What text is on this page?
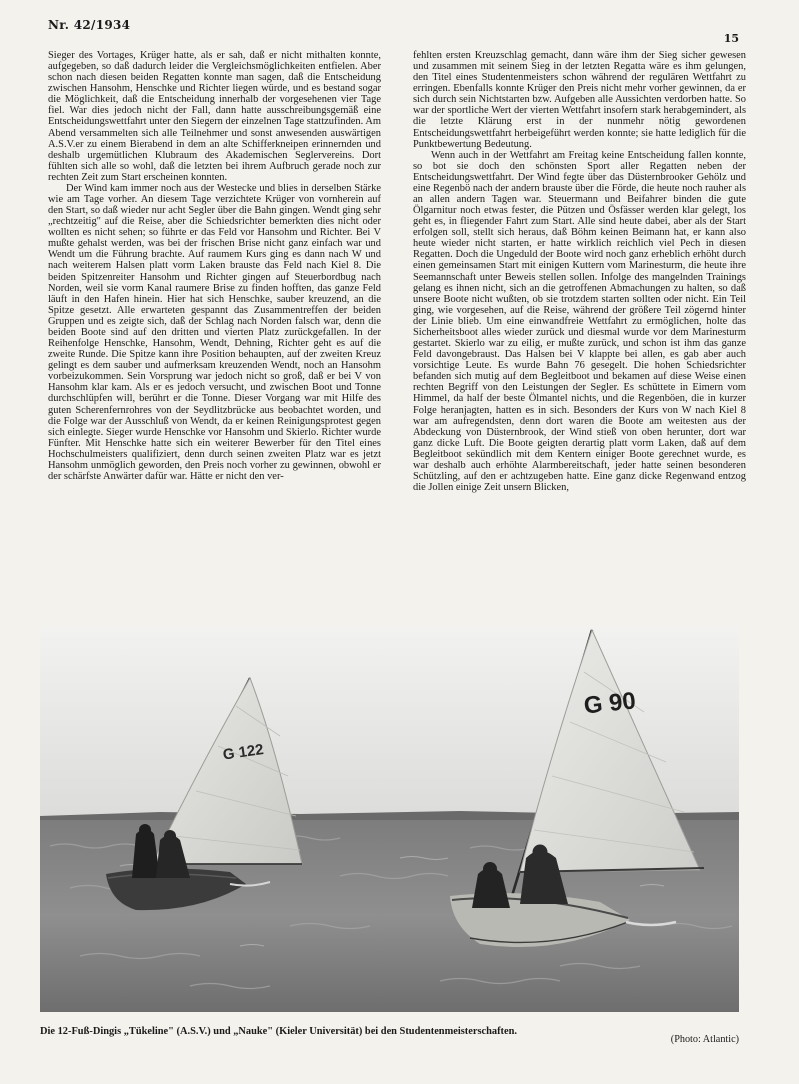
Nr. 42/1934
15

Sieger des Vortages, Krüger hatte, als er sah, daß er nicht mithalten konnte, aufgegeben, so daß dadurch leider die Vergleichsmöglichkeiten entfielen. Aber schon nach diesen beiden Regatten konnte man sagen, daß die Entscheidung zwischen Hansohm, Henschke und Richter liegen würde, und es bestand sogar die Möglichkeit, daß die Entscheidung innerhalb der vorgesehenen vier Tage fiel. War dies jedoch nicht der Fall, dann hatte ausschreibungsgemäß eine Entscheidungswettfahrt unter den Siegern der einzelnen Tage stattzufinden. Am Abend versammelten sich alle Teilnehmer und sonst anwesenden auswärtigen A.S.V.er zu einem Bierabend in dem an alte Schifferkneipen erinnernden und deshalb urgemütlichen Klubraum des Akademischen Seglervereins. Dort fühlten sich alle so wohl, daß die letzten bei ihrem Aufbruch gerade noch zur rechten Zeit zum Start erscheinen konnten.

Der Wind kam immer noch aus der Westecke und blies in derselben Stärke wie am Tage vorher. An diesem Tage verzichtete Krüger von vornherein auf den Start, so daß wieder nur acht Segler über die Bahn gingen. Wendt ging sehr „rechtzeitig" auf die Reise, aber die Schiedsrichter bemerkten dies nicht oder wollten es nicht sehen; so führte er das Feld vor Hansohm und Richter. Bei V mußte gehalst werden, was bei der frischen Brise nicht ganz einfach war und Wendt um die Führung brachte. Auf raumem Kurs ging es dann nach W und nach weiterem Halsen platt vorm Laken brauste das Feld nach Kiel 8. Die beiden Spitzenreiter Hansohm und Richter gingen auf Steuerbordbug nach Norden, weil sie vorm Kanal raumere Brise zu finden hofften, das ganze Feld läuft in den Hafen hinein. Hier hat sich Henschke, sauber kreuzend, an die Spitze gesetzt. Alle erwarteten gespannt das Zusammentreffen der beiden Gruppen und es zeigte sich, daß der Schlag nach Norden falsch war, denn die beiden Boote sind auf den dritten und vierten Platz zurückgefallen. In der Reihenfolge Henschke, Hansohm, Wendt, Dehning, Richter geht es auf die zweite Runde. Die Spitze kann ihre Position behaupten, auf der zweiten Kreuz gelingt es dem sauber und aufmerksam kreuzenden Wendt, noch an Hansohm vorbeizukommen. Sein Vorsprung war jedoch nicht so groß, daß er bei V von Hansohm klar kam. Als er es jedoch versucht, und zwischen Boot und Tonne durchschlüpfen will, berührt er die Tonne. Dieser Vorgang war mit Hilfe des guten Scherenfernrohres von der Seydlitzbrücke aus beobachtet worden, und die Folge war der Ausschluß von Wendt, da er keinen Reinigungsprotest gegen sich einlegte. Sieger wurde Henschke vor Hansohm und Skierlo. Richter wurde Fünfter. Mit Henschke hatte sich ein weiterer Bewerber für den Titel eines Hochschulmeisters qualifiziert, denn durch seinen zweiten Platz war es jetzt Hansohm unmöglich geworden, den Preis noch vorher zu gewinnen, obwohl er der schärfste Anwärter dafür war. Hätte er nicht den ver-

fehlten ersten Kreuzschlag gemacht, dann wäre ihm der Sieg sicher gewesen und zusammen mit seinem Sieg in der letzten Regatta wäre es ihm gelungen, den Titel eines Studentenmeisters schon während der regulären Wettfahrt zu erringen. Ebenfalls konnte Krüger den Preis nicht mehr vorher gewinnen, da er sich durch sein Nichtstarten bzw. Aufgeben alle Aussichten verdorben hatte. So war der sportliche Wert der vierten Wettfahrt insofern stark herabgemindert, als die letzte Klärung erst in der nunmehr nötig gewordenen Entscheidungswettfahrt herbeigeführt werden konnte; sie hatte lediglich für die Punktbewertung Bedeutung.

Wenn auch in der Wettfahrt am Freitag keine Entscheidung fallen konnte, so bot sie doch den schönsten Sport aller Regatten neben der Entscheidungswettfahrt. Der Wind fegte über das Düsternbrooker Gehölz und eine Regenbö nach der andern brauste über die Förde, die heute noch rauher als an allen andern Tagen war. Steuermann und Beifahrer binden die gute Ölgarnitur noch etwas fester, die Pützen und Ösfässer werden klar gelegt, los geht es, in fliegender Fahrt zum Start. Alle sind heute dabei, aber als der Start erfolgen soll, stellt sich heraus, daß Böhm keinen Beimann hat, er kann also heute wieder nicht starten, er hatte wirklich reichlich viel Pech in diesen Regatten. Doch die Ungeduld der Boote wird noch ganz erheblich erhöht durch einen gemeinsamen Start mit einigen Kuttern vom Marinesturm, die heute ihre Seemannschaft unter Beweis stellen sollen. Infolge des mangelnden Trainings gelang es ihnen nicht, sich an die getroffenen Abmachungen zu halten, so daß unsere Boote nicht wußten, ob sie trotzdem starten sollten oder nicht. Ein Teil ging, wie vorgesehen, auf die Reise, während der größere Teil zögernd hinter der Linie blieb. Um eine einwandfreie Wettfahrt zu ermöglichen, holte das Sicherheitsboot alles wieder zurück und diesmal wurde vor dem Marinesturm gestartet. Skierlo war zu eilig, er mußte zurück, und schon ist ihm das ganze Feld davongebraust. Das Halsen bei V klappte bei allen, es gab aber auch vorsichtige Leute. Es wurde Bahn 76 gesegelt. Die hohen Schiedsrichter befanden sich mutig auf dem Begleitboot und bekamen auf diese Weise einen rechten Begriff von den Leistungen der Segler. Es schüttete in Eimern vom Himmel, da half der beste Ölmantel nichts, und die Regenböen, die in kurzer Folge heranjagten, hatten es in sich. Besonders der Kurs von W nach Kiel 8 war am aufregendsten, denn dort waren die Boote am weitesten aus der Abdeckung von Düsternbrook, der Wind stieß von oben herunter, dort war ganz dicke Luft. Die Boote geigten derartig platt vorm Laken, daß auf dem Begleitboot sekündlich mit dem Kentern einiger Boote gerechnet wurde, es war deshalb auch erhöhte Alarmbereitschaft, jeder hatte seinen besonderen Schützling, auf den er achtzugeben hatte. Eine ganz dicke Regenwand entzog die Jollen einige Zeit unsern Blicken,

G 122
G 90
Die 12-Fuß-Dingis „Tükeline" (A.S.V.) und „Nauke" (Kieler Universität) bei den Studentenmeisterschaften.
(Photo: Atlantic)
